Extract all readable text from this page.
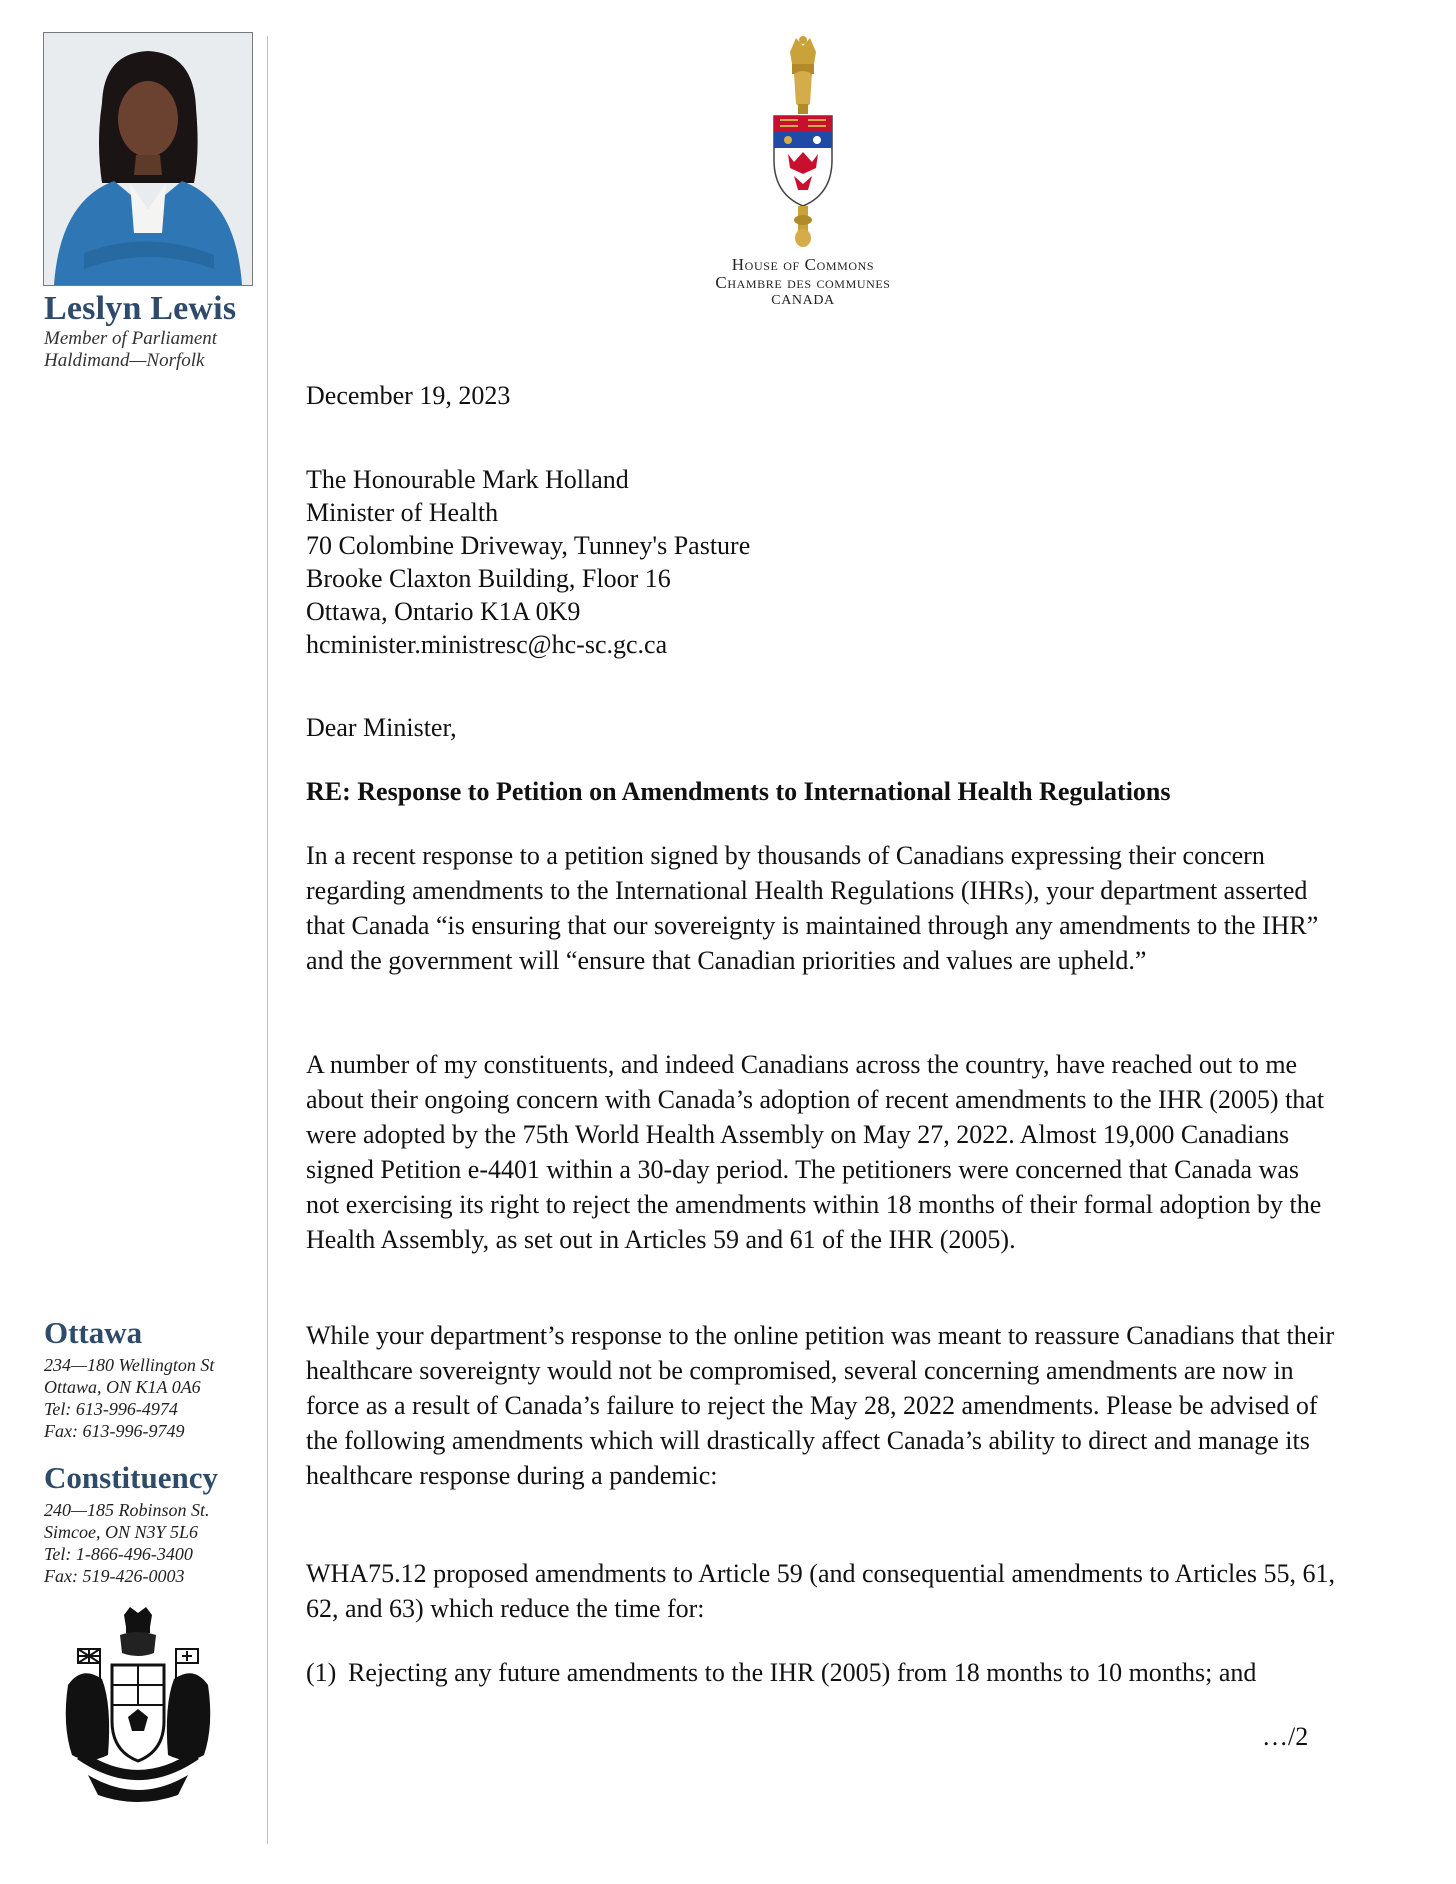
Leslyn Lewis
Member of Parliament
Haldimand—Norfolk
Ottawa
234—180 Wellington St
Ottawa, ON K1A 0A6
Tel: 613-996-4974
Fax: 613-996-9749
Constituency
240—185 Robinson St.
Simcoe, ON N3Y 5L6
Tel: 1-866-496-3400
Fax: 519-426-0003
House of Commons
Chambre des communes
CANADA
December 19, 2023
The Honourable Mark Holland
Minister of Health
70 Colombine Driveway, Tunney's Pasture
Brooke Claxton Building, Floor 16
Ottawa, Ontario K1A 0K9
hcminister.ministresc@hc-sc.gc.ca
Dear Minister,
RE: Response to Petition on Amendments to International Health Regulations
In a recent response to a petition signed by thousands of Canadians expressing their concern regarding amendments to the International Health Regulations (IHRs), your department asserted that Canada “is ensuring that our sovereignty is maintained through any amendments to the IHR” and the government will “ensure that Canadian priorities and values are upheld.”
A number of my constituents, and indeed Canadians across the country, have reached out to me about their ongoing concern with Canada’s adoption of recent amendments to the IHR (2005) that were adopted by the 75th World Health Assembly on May 27, 2022. Almost 19,000 Canadians signed Petition e-4401 within a 30-day period. The petitioners were concerned that Canada was not exercising its right to reject the amendments within 18 months of their formal adoption by the Health Assembly, as set out in Articles 59 and 61 of the IHR (2005).
While your department’s response to the online petition was meant to reassure Canadians that their healthcare sovereignty would not be compromised, several concerning amendments are now in force as a result of Canada’s failure to reject the May 28, 2022 amendments. Please be advised of the following amendments which will drastically affect Canada’s ability to direct and manage its healthcare response during a pandemic:
WHA75.12 proposed amendments to Article 59 (and consequential amendments to Articles 55, 61, 62, and 63) which reduce the time for:
(1) Rejecting any future amendments to the IHR (2005) from 18 months to 10 months; and
…/2
